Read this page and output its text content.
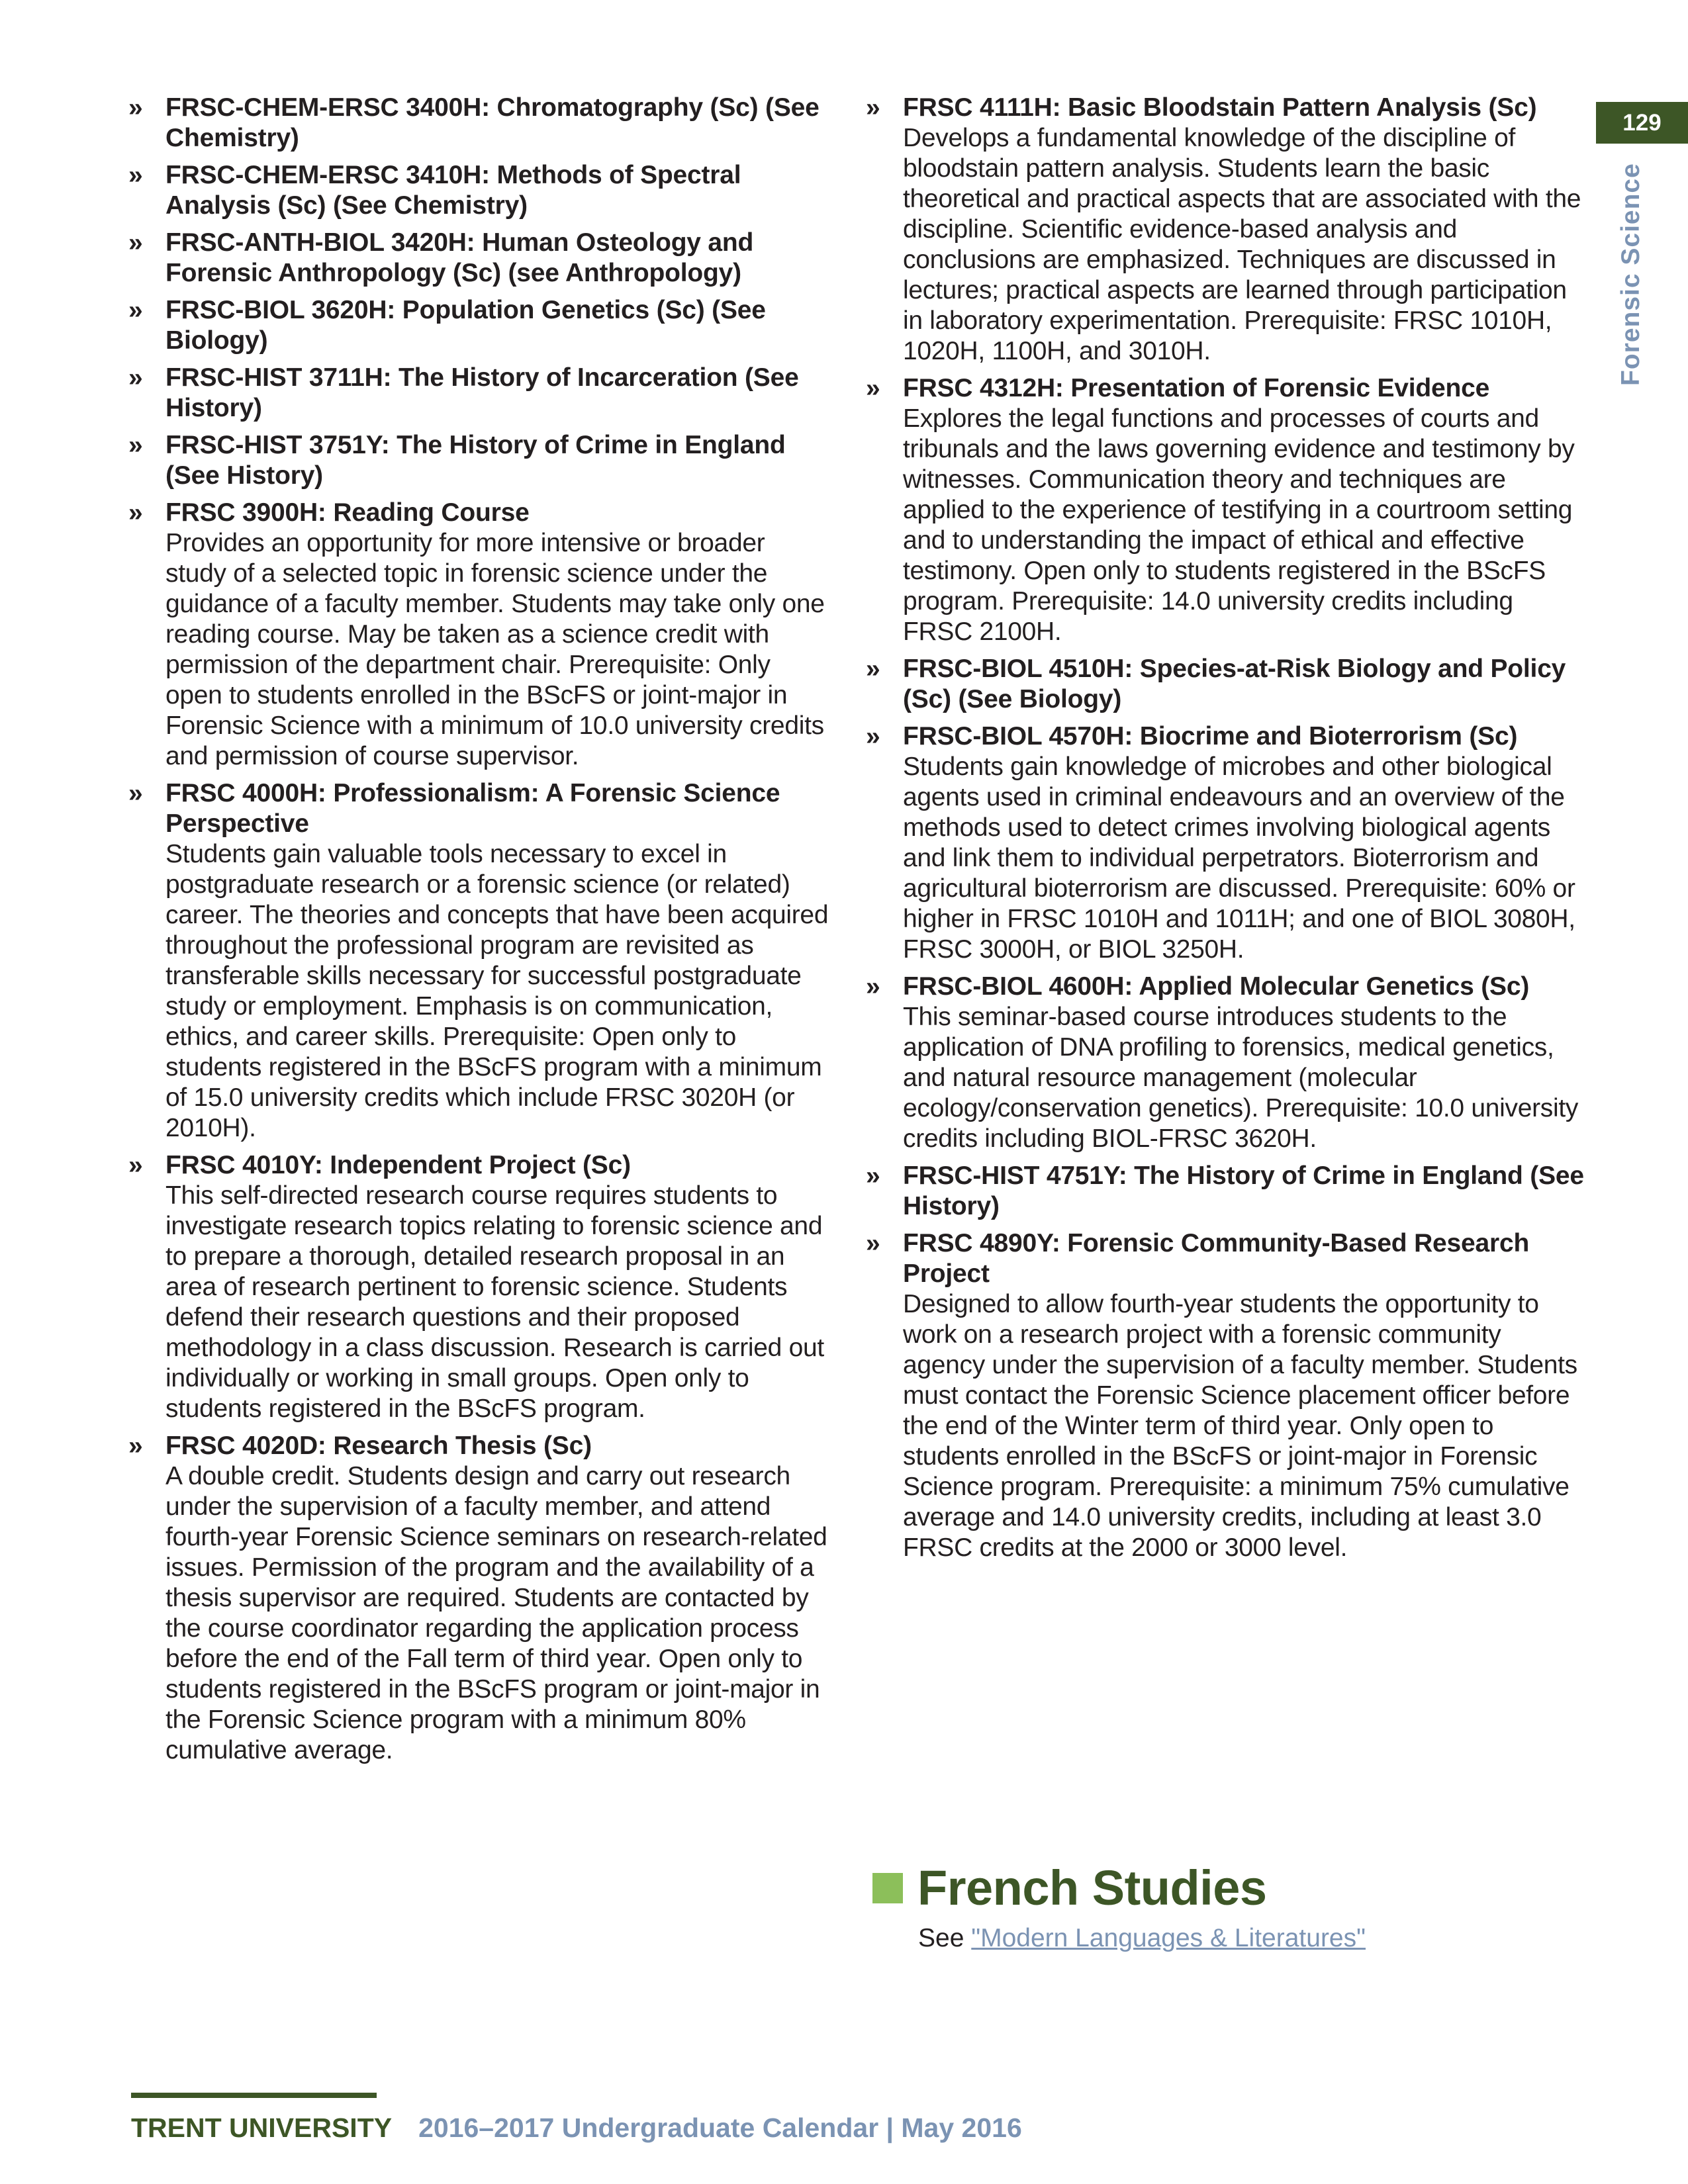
129
Forensic Science
» FRSC-CHEM-ERSC 3400H: Chromatography (Sc) (See Chemistry)
» FRSC-CHEM-ERSC 3410H: Methods of Spectral Analysis (Sc) (See Chemistry)
» FRSC-ANTH-BIOL 3420H: Human Osteology and Forensic Anthropology (Sc) (see Anthropology)
» FRSC-BIOL 3620H: Population Genetics (Sc) (See Biology)
» FRSC-HIST 3711H: The History of Incarceration (See History)
» FRSC-HIST 3751Y: The History of Crime in England (See History)
» FRSC 3900H: Reading Course
Provides an opportunity for more intensive or broader study of a selected topic in forensic science under the guidance of a faculty member. Students may take only one reading course. May be taken as a science credit with permission of the department chair. Prerequisite: Only open to students enrolled in the BScFS or joint-major in Forensic Science with a minimum of 10.0 university credits and permission of course supervisor.
» FRSC 4000H: Professionalism: A Forensic Science Perspective
Students gain valuable tools necessary to excel in postgraduate research or a forensic science (or related) career. The theories and concepts that have been acquired throughout the professional program are revisited as transferable skills necessary for successful postgraduate study or employment. Emphasis is on communication, ethics, and career skills. Prerequisite: Open only to students registered in the BScFS program with a minimum of 15.0 university credits which include FRSC 3020H (or 2010H).
» FRSC 4010Y: Independent Project (Sc)
This self-directed research course requires students to investigate research topics relating to forensic science and to prepare a thorough, detailed research proposal in an area of research pertinent to forensic science. Students defend their research questions and their proposed methodology in a class discussion. Research is carried out individually or working in small groups. Open only to students registered in the BScFS program.
» FRSC 4020D: Research Thesis (Sc)
A double credit. Students design and carry out research under the supervision of a faculty member, and attend fourth-year Forensic Science seminars on research-related issues. Permission of the program and the availability of a thesis supervisor are required. Students are contacted by the course coordinator regarding the application process before the end of the Fall term of third year. Open only to students registered in the BScFS program or joint-major in the Forensic Science program with a minimum 80% cumulative average.
» FRSC 4111H: Basic Bloodstain Pattern Analysis (Sc)
Develops a fundamental knowledge of the discipline of bloodstain pattern analysis. Students learn the basic theoretical and practical aspects that are associated with the discipline. Scientific evidence-based analysis and conclusions are emphasized. Techniques are discussed in lectures; practical aspects are learned through participation in laboratory experimentation. Prerequisite: FRSC 1010H, 1020H, 1100H, and 3010H.
» FRSC 4312H: Presentation of Forensic Evidence
Explores the legal functions and processes of courts and tribunals and the laws governing evidence and testimony by witnesses. Communication theory and techniques are applied to the experience of testifying in a courtroom setting and to understanding the impact of ethical and effective testimony. Open only to students registered in the BScFS program. Prerequisite: 14.0 university credits including FRSC 2100H.
» FRSC-BIOL 4510H: Species-at-Risk Biology and Policy (Sc) (See Biology)
» FRSC-BIOL 4570H: Biocrime and Bioterrorism (Sc)
Students gain knowledge of microbes and other biological agents used in criminal endeavours and an overview of the methods used to detect crimes involving biological agents and link them to individual perpetrators. Bioterrorism and agricultural bioterrorism are discussed. Prerequisite: 60% or higher in FRSC 1010H and 1011H; and one of BIOL 3080H, FRSC 3000H, or BIOL 3250H.
» FRSC-BIOL 4600H: Applied Molecular Genetics (Sc)
This seminar-based course introduces students to the application of DNA profiling to forensics, medical genetics, and natural resource management (molecular ecology/conservation genetics). Prerequisite: 10.0 university credits including BIOL-FRSC 3620H.
» FRSC-HIST 4751Y: The History of Crime in England (See History)
» FRSC 4890Y: Forensic Community-Based Research Project
Designed to allow fourth-year students the opportunity to work on a research project with a forensic community agency under the supervision of a faculty member. Students must contact the Forensic Science placement officer before the end of the Winter term of third year. Only open to students enrolled in the BScFS or joint-major in Forensic Science program. Prerequisite: a minimum 75% cumulative average and 14.0 university credits, including at least 3.0 FRSC credits at the 2000 or 3000 level.
French Studies
See "Modern Languages & Literatures"
TRENT UNIVERSITY 2016–2017 Undergraduate Calendar | May 2016
